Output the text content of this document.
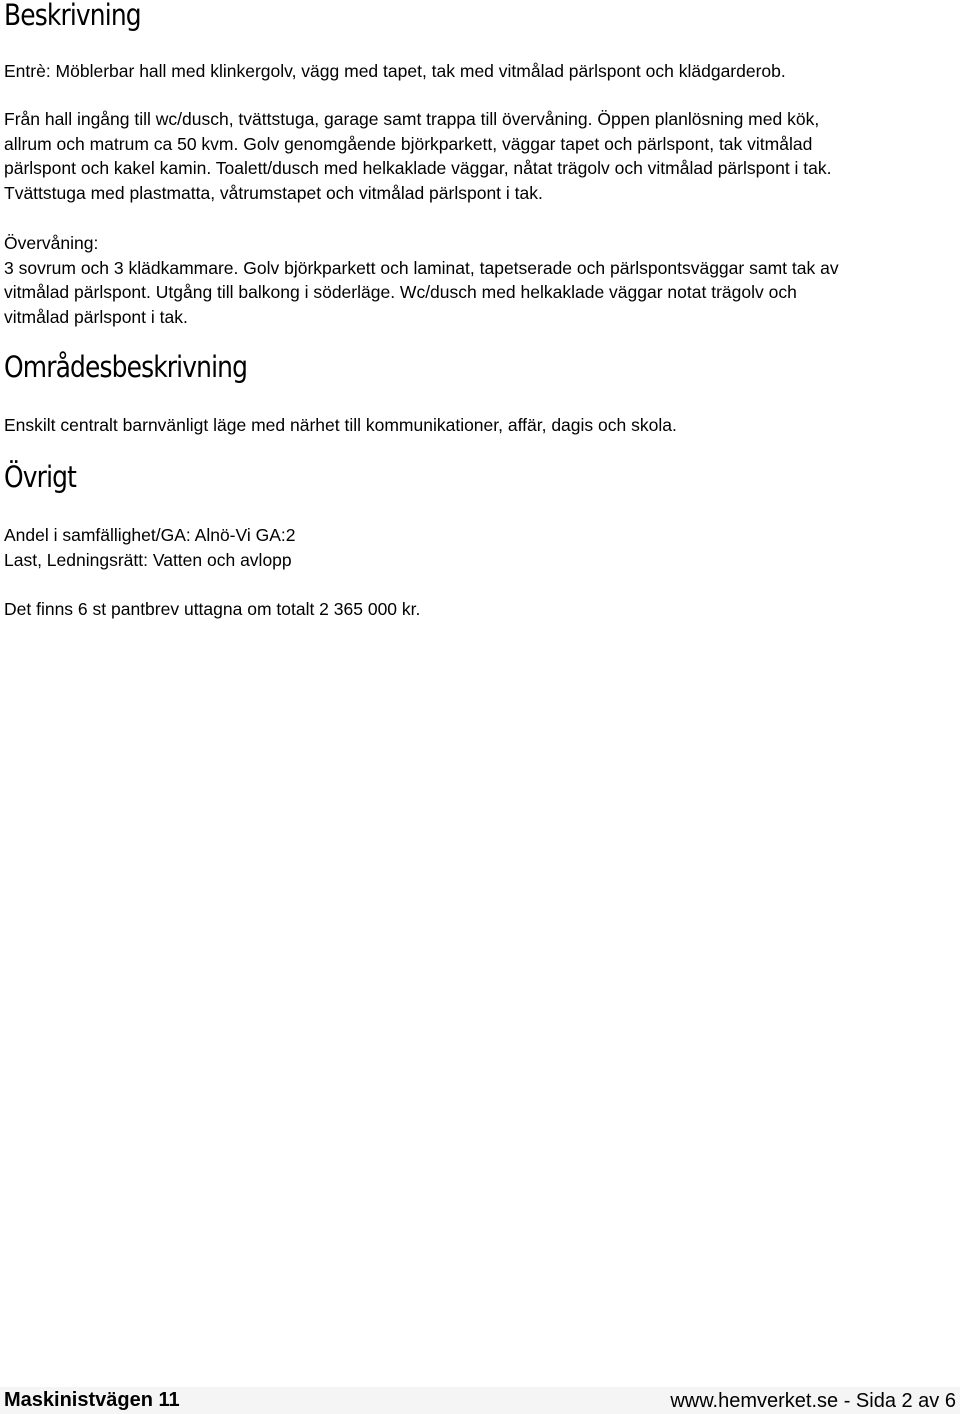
Beskrivning

Entrè: Möblerbar hall med klinkergolv, vägg med tapet, tak med vitmålad pärlspont och klädgarderob.

Från hall ingång till wc/dusch, tvättstuga, garage samt trappa till övervåning. Öppen planlösning med kök,
allrum och matrum ca 50 kvm. Golv genomgående björkparkett, väggar tapet och pärlspont, tak vitmålad
pärlspont och kakel kamin. Toalett/dusch med helkaklade väggar, nåtat trägolv och vitmålad pärlspont i tak.
Tvättstuga med plastmatta, våtrumstapet och vitmålad pärlspont i tak.

Övervåning:
3 sovrum och 3 klädkammare. Golv björkparkett och laminat, tapetserade och pärlspontsväggar samt tak av
vitmålad pärlspont. Utgång till balkong i söderläge. Wc/dusch med helkaklade väggar notat trägolv och
vitmålad pärlspont i tak.

Områdesbeskrivning

Enskilt centralt barnvänligt läge med närhet till kommunikationer, affär, dagis och skola.

Övrigt

Andel i samfällighet/GA: Alnö-Vi GA:2
Last, Ledningsrätt: Vatten och avlopp

Det finns 6 st pantbrev uttagna om totalt 2 365 000 kr.

Maskinistvägen 11	www.hemverket.se - Sida 2 av 6
